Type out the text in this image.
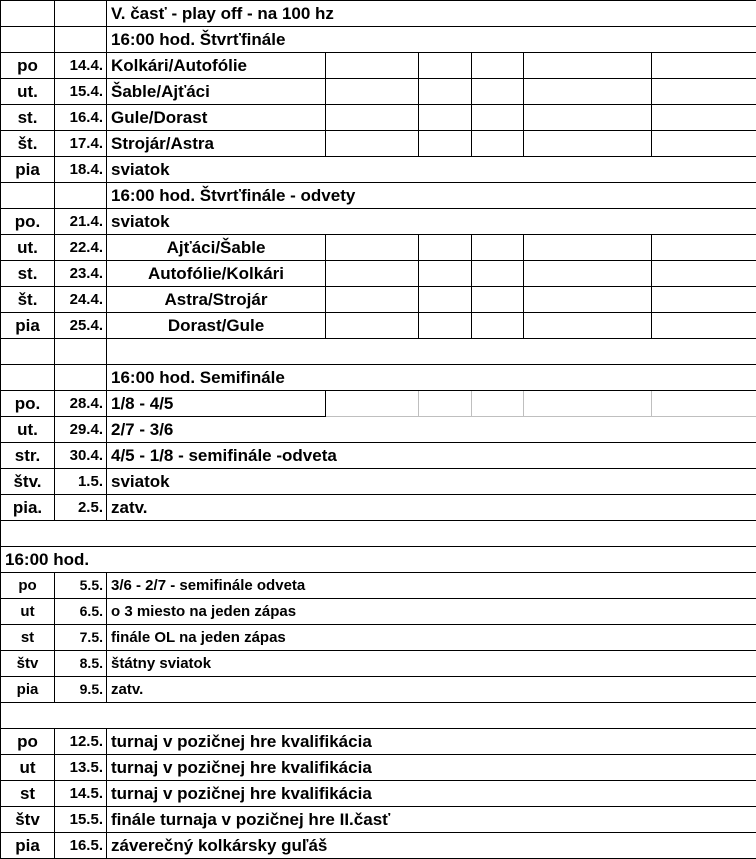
		V. časť - play off - na 100 hz					
		16:00 hod. Štvrťfinále					
po	14.4.	Kolkári/Autofólie					
ut.	15.4.	Šable/Ajťáci					
st.	16.4.	Gule/Dorast					
št.	17.4.	Strojár/Astra					
pia	18.4.	sviatok					
		16:00 hod. Štvrťfinále - odvety					
po.	21.4.	sviatok					
ut.	22.4.	Ajťáci/Šable					
st.	23.4.	Autofólie/Kolkári					
št.	24.4.	Astra/Strojár					
pia	25.4.	Dorast/Gule					

		16:00 hod. Semifinále					
po.	28.4.	1/8 - 4/5					
ut.	29.4.	2/7 - 3/6					
str.	30.4.	4/5 - 1/8 - semifinále -odveta					
štv.	1.5.	sviatok					
pia.	2.5.	zatv.					

16:00 hod.							
po	5.5.	3/6 - 2/7 - semifinále odveta					
ut	6.5.	o 3 miesto na jeden zápas					
st	7.5.	finále OL na jeden zápas					
štv	8.5.	štátny sviatok					
pia	9.5.	zatv.					

po	12.5.	turnaj v pozičnej hre kvalifikácia					
ut	13.5.	turnaj v pozičnej hre kvalifikácia					
st	14.5.	turnaj v pozičnej hre kvalifikácia					
štv	15.5.	finále turnaja v pozičnej hre II.časť					
pia	16.5.	záverečný kolkársky guľáš					
